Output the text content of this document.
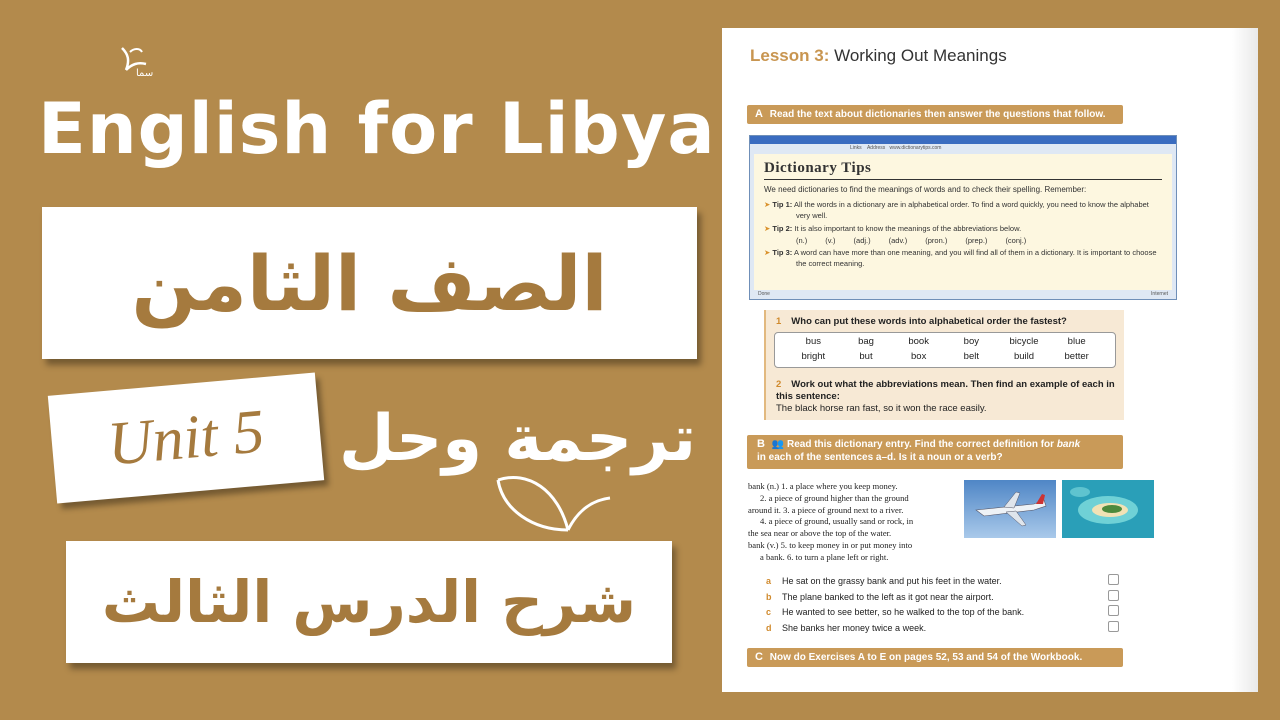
سما
English for Libya
الصف الثامن
Unit 5 ترجمة وحل
شرح الدرس الثالث
Lesson 3: Working Out Meanings
A Read the text about dictionaries then answer the questions that follow.
Links Address www.dictionarytips.com
Dictionary Tips
We need dictionaries to find the meanings of words and to check their spelling. Remember:
➤ Tip 1: All the words in a dictionary are in alphabetical order. To find a word quickly, you need to know the alphabet very well.
➤ Tip 2: It is also important to know the meanings of the abbreviations below.
(n.) (v.) (adj.) (adv.) (pron.) (prep.) (conj.)
➤ Tip 3: A word can have more than one meaning, and you will find all of them in a dictionary. It is important to choose the correct meaning.
Done	Internet
1 Who can put these words into alphabetical order the fastest?
bus	bag	book	boy	bicycle	blue
bright	but	box	belt	build	better
2 Work out what the abbreviations mean. Then find an example of each in this sentence:
The black horse ran fast, so it won the race easily.
B 👥 Read this dictionary entry. Find the correct definition for bank
in each of the sentences a–d. Is it a noun or a verb?
bank (n.) 1. a place where you keep money.
2. a piece of ground higher than the ground
around it. 3. a piece of ground next to a river.
4. a piece of ground, usually sand or rock, in
the sea near or above the top of the water.
bank (v.) 5. to keep money in or put money into
a bank. 6. to turn a plane left or right.
a He sat on the grassy bank and put his feet in the water.
b The plane banked to the left as it got near the airport.
c He wanted to see better, so he walked to the top of the bank.
d She banks her money twice a week.
C Now do Exercises A to E on pages 52, 53 and 54 of the Workbook.
